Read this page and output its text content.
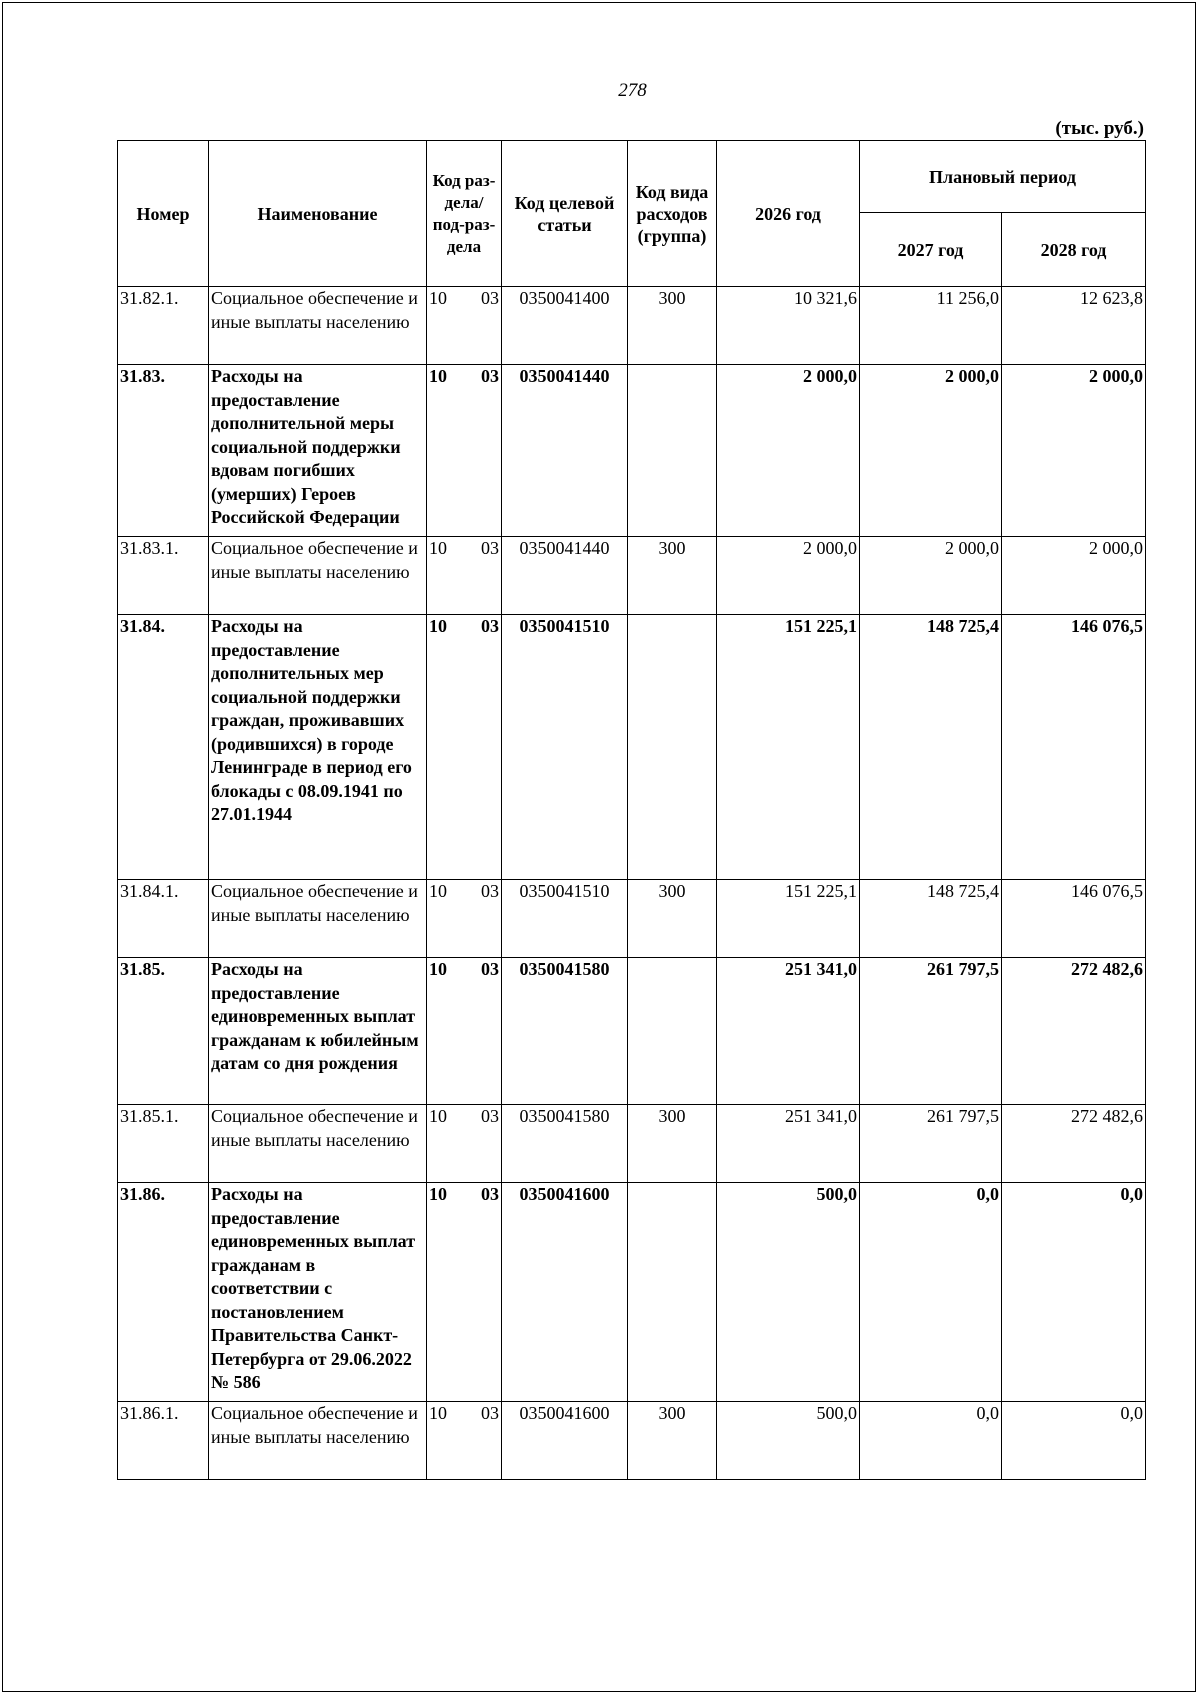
278
(тыс. руб.)
Номер	Наименование	Код раз-дела/ под-раз-дела	Код целевой статьи	Код вида расходов (группа)	2026 год	Плановый период	
						2027 год	2028 год
31.82.1.	Социальное обеспечение и иные выплаты населению	10 03	0350041400	300	10 321,6	11 256,0	12 623,8
31.83.	Расходы на предоставление дополнительной меры социальной поддержки вдовам погибших (умерших) Героев Российской Федерации	10 03	0350041440		2 000,0	2 000,0	2 000,0
31.83.1.	Социальное обеспечение и иные выплаты населению	10 03	0350041440	300	2 000,0	2 000,0	2 000,0
31.84.	Расходы на предоставление дополнительных мер социальной поддержки граждан, проживавших (родившихся) в городе Ленинграде в период его блокады с 08.09.1941 по 27.01.1944	10 03	0350041510		151 225,1	148 725,4	146 076,5
31.84.1.	Социальное обеспечение и иные выплаты населению	10 03	0350041510	300	151 225,1	148 725,4	146 076,5
31.85.	Расходы на предоставление единовременных выплат гражданам к юбилейным датам со дня рождения	10 03	0350041580		251 341,0	261 797,5	272 482,6
31.85.1.	Социальное обеспечение и иные выплаты населению	10 03	0350041580	300	251 341,0	261 797,5	272 482,6
31.86.	Расходы на предоставление единовременных выплат гражданам в соответствии с постановлением Правительства Санкт-Петербурга от 29.06.2022 № 586	10 03	0350041600		500,0	0,0	0,0
31.86.1.	Социальное обеспечение и иные выплаты населению	10 03	0350041600	300	500,0	0,0	0,0
